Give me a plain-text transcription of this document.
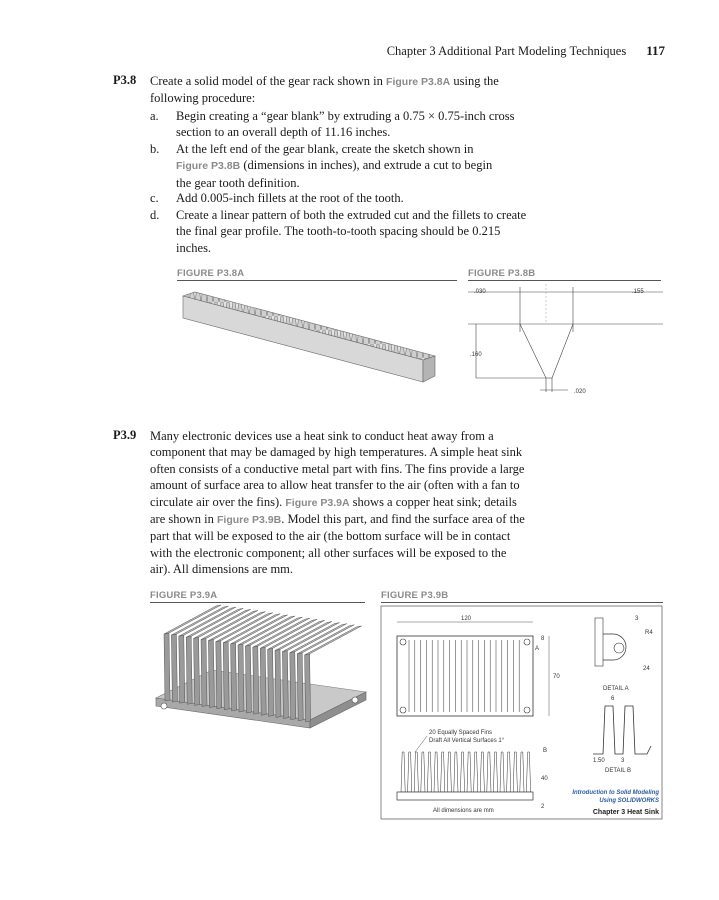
Chapter 3 Additional Part Modeling Techniques 117
P3.8 Create a solid model of the gear rack shown in Figure P3.8A using the
following procedure:
a. Begin creating a “gear blank” by extruding a 0.75 × 0.75-inch cross
section to an overall depth of 11.16 inches.
b. At the left end of the gear blank, create the sketch shown in
Figure P3.8B (dimensions in inches), and extrude a cut to begin
the gear tooth definition.
c. Add 0.005-inch fillets at the root of the tooth.
d. Create a linear pattern of both the extruded cut and the fillets to create
the final gear profile. The tooth-to-tooth spacing should be 0.215
inches.
FIGURE P3.8A	FIGURE P3.8B
.030	.155
.160
.020
P3.9 Many electronic devices use a heat sink to conduct heat away from a
component that may be damaged by high temperatures. A simple heat sink
often consists of a conductive metal part with fins. The fins provide a large
amount of surface area to allow heat transfer to the air (often with a fan to
circulate air over the fins). Figure P3.9A shows a copper heat sink; details
are shown in Figure P3.9B. Model this part, and find the surface area of the
part that will be exposed to the air (the bottom surface will be in contact
with the electronic component; all other surfaces will be exposed to the
air). All dimensions are mm.
FIGURE P3.9A	FIGURE P3.9B
120
8
A
70
3
R4
24
DETAIL A
6
1.50	3
DETAIL B
20 Equally Spaced Fins
Draft All Vertical Surfaces 1°
B
40
2
All dimensions are mm
Introduction to Solid Modeling
Using SOLIDWORKS
Chapter 3 Heat Sink
